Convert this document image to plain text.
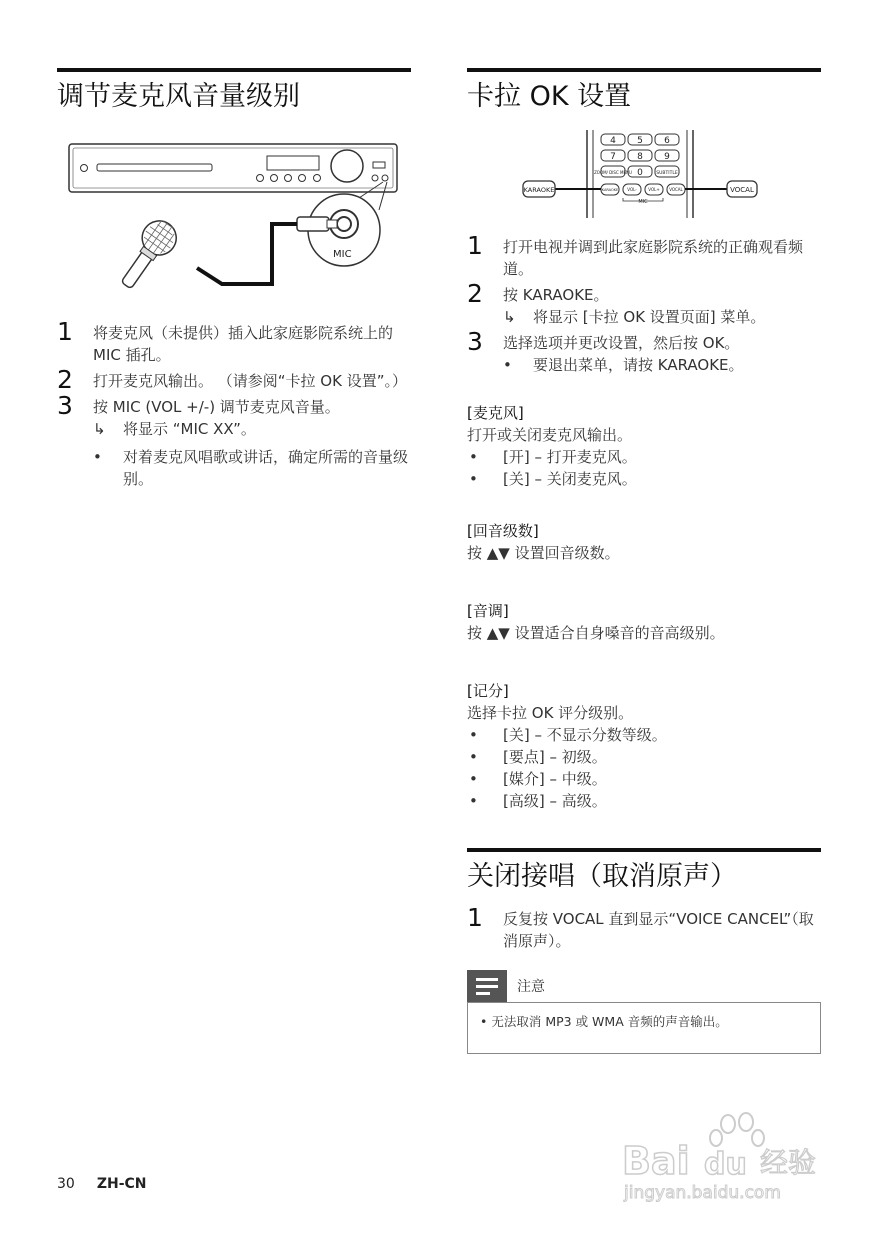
调节麦克风音量级别
MIC
1 将麦克风（未提供）插入此家庭影院系统上的 MIC 插孔。
2 打开麦克风输出。 （请参阅“卡拉 OK 设置”。）
3 按 MIC (VOL +/-) 调节麦克风音量。
↳ 将显示 “MIC XX”。
• 对着麦克风唱歌或讲话，确定所需的音量级别。
卡拉 OK 设置
4 5 6
7 8 9
ZOOM/ DISC MENU 0	SUBTITLE
KARAOKE VOL-	VOL+ VOCAL
MIC
KARAOKE	VOCAL
1 打开电视并调到此家庭影院系统的正确观看频道。
2 按 KARAOKE。
↳ 将显示 [卡拉 OK 设置页面] 菜单。
3 选择选项并更改设置，然后按 OK。
• 要退出菜单，请按 KARAOKE。
[麦克风]
打开或关闭麦克风输出。
• [开] – 打开麦克风。
• [关] – 关闭麦克风。
[回音级数]
按 ▲▼ 设置回音级数。
[音调]
按 ▲▼ 设置适合自身嗓音的音高级别。
[记分]
选择卡拉 OK 评分级别。
• [关] – 不显示分数等级。
• [要点] – 初级。
• [媒介] – 中级。
• [高级] – 高级。
关闭接唱（取消原声）
1 反复按 VOCAL 直到显示“VOICE CANCEL”（取消原声）。
注意
• 无法取消 MP3 或 WMA 音频的声音输出。
30 ZH-CN
Bai du 经验
jingyan.baidu.com
